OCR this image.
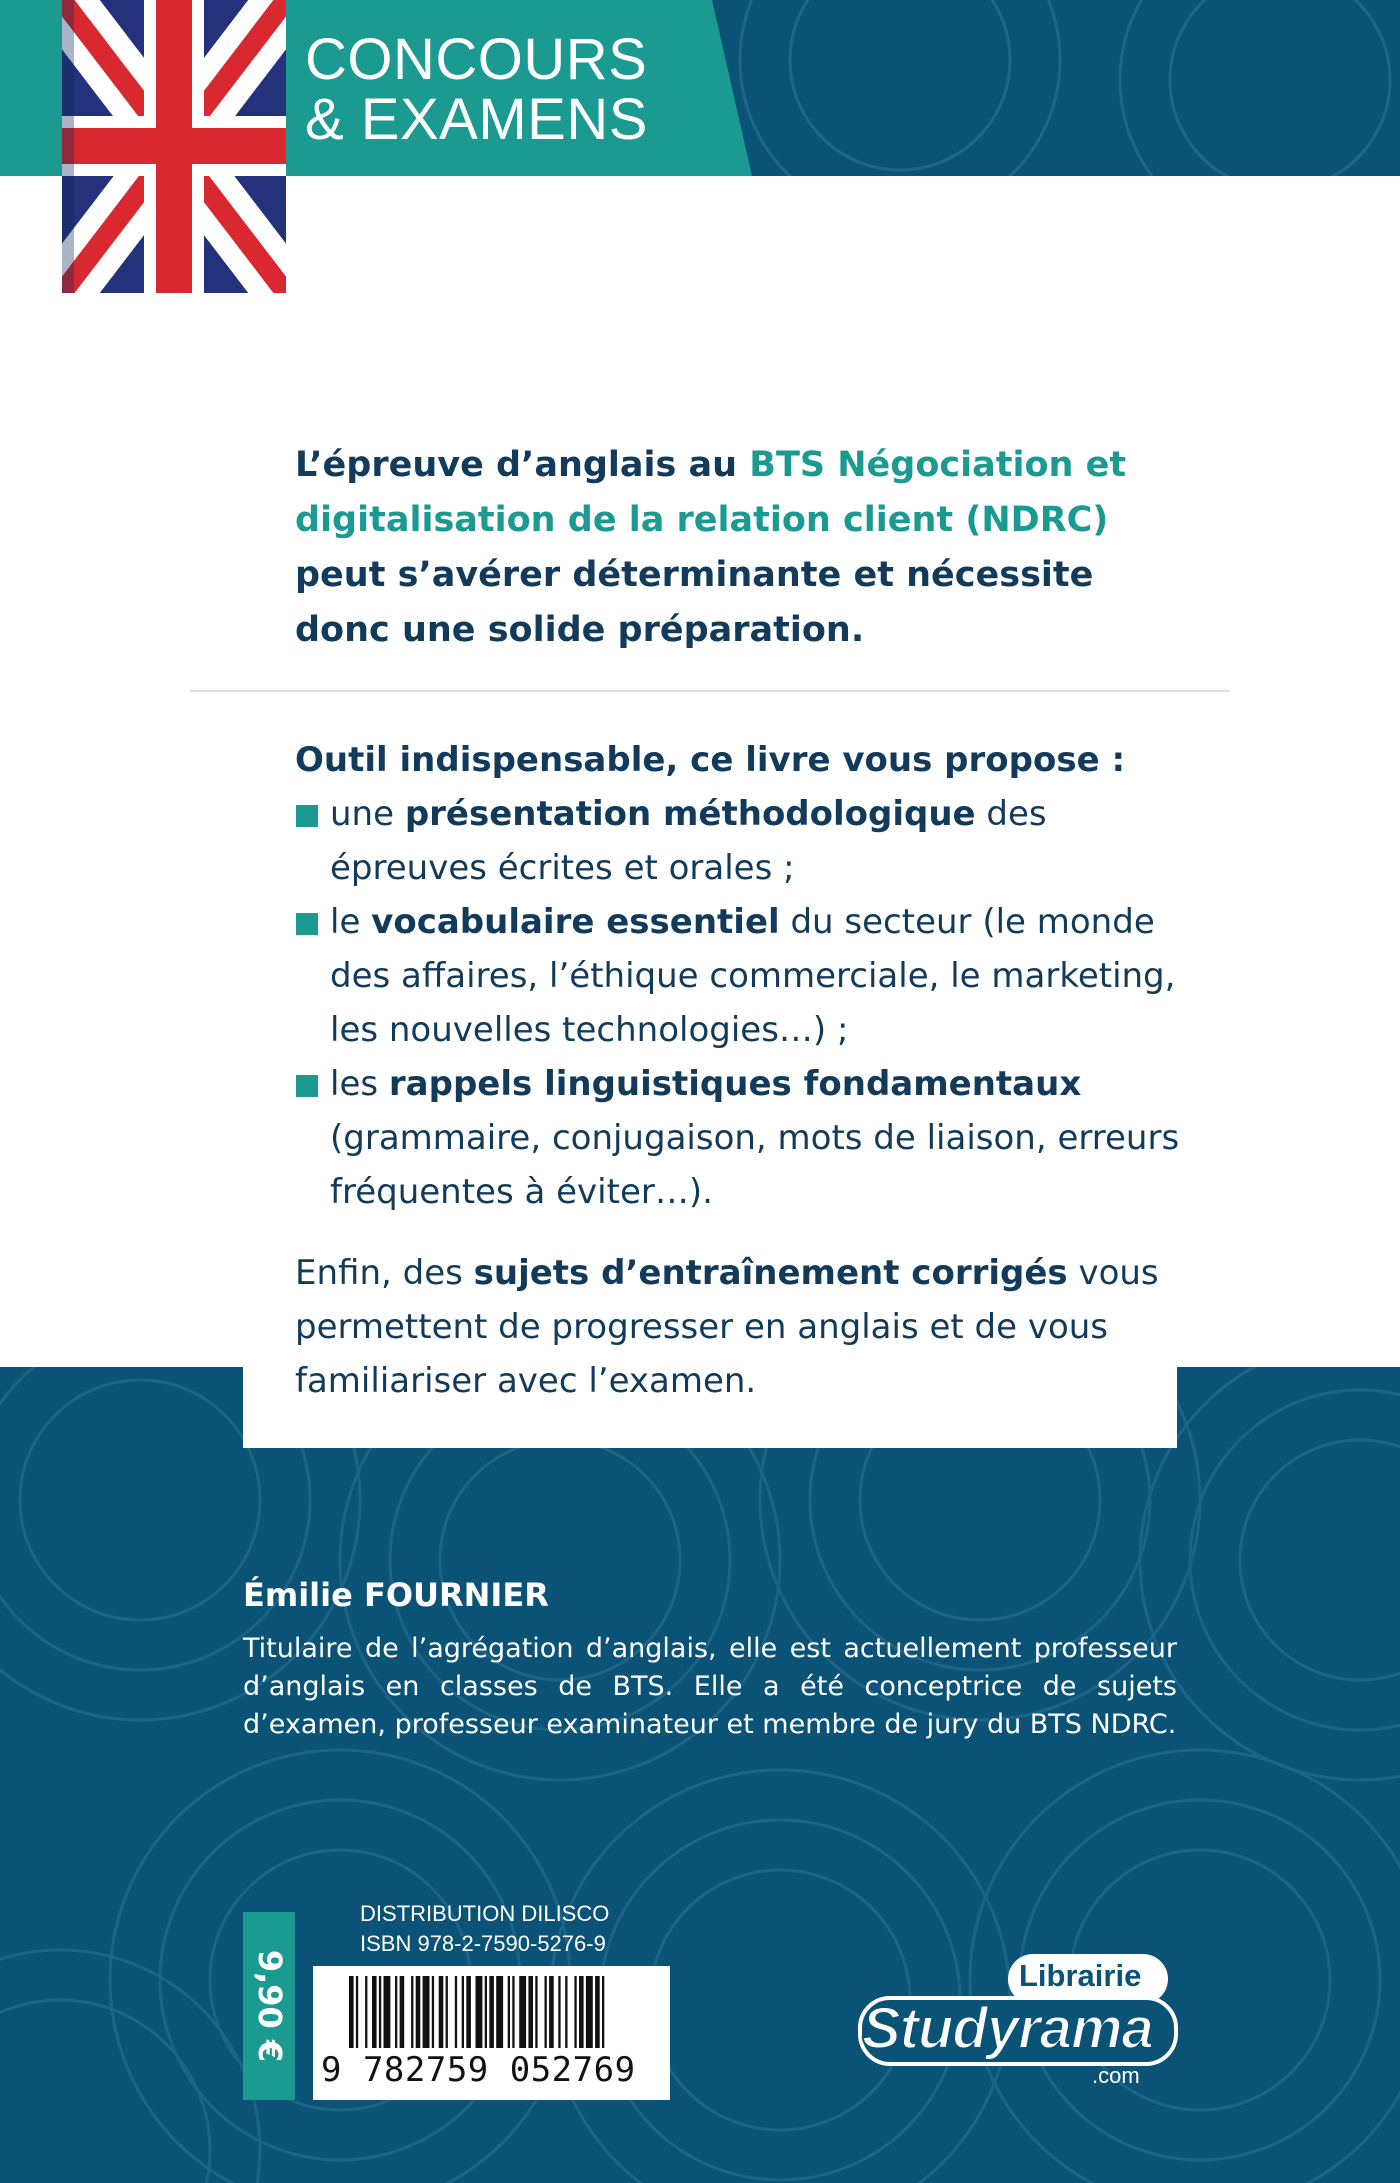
CONCOURS
& EXAMENS
L’épreuve d’anglais au BTS Négociation et digitalisation de la relation client (NDRC) peut s’avérer déterminante et nécessite donc une solide préparation.
Outil indispensable, ce livre vous propose :
une présentation méthodologique des épreuves écrites et orales ;
le vocabulaire essentiel du secteur (le monde des affaires, l’éthique commerciale, le marketing, les nouvelles technologies…) ;
les rappels linguistiques fondamentaux (grammaire, conjugaison, mots de liaison, erreurs fréquentes à éviter…).
Enfin, des sujets d’entraînement corrigés vous permettent de progresser en anglais et de vous familiariser avec l’examen.
Émilie FOURNIER
Titulaire de l’agrégation d’anglais, elle est actuellement professeur d’anglais en classes de BTS. Elle a été conceptrice de sujets d’examen, professeur examinateur et membre de jury du BTS NDRC.
9,90 €
DISTRIBUTION DILISCO
ISBN 978-2-7590-5276-9
9 782759 052769
Librairie
Studyrama
.com
